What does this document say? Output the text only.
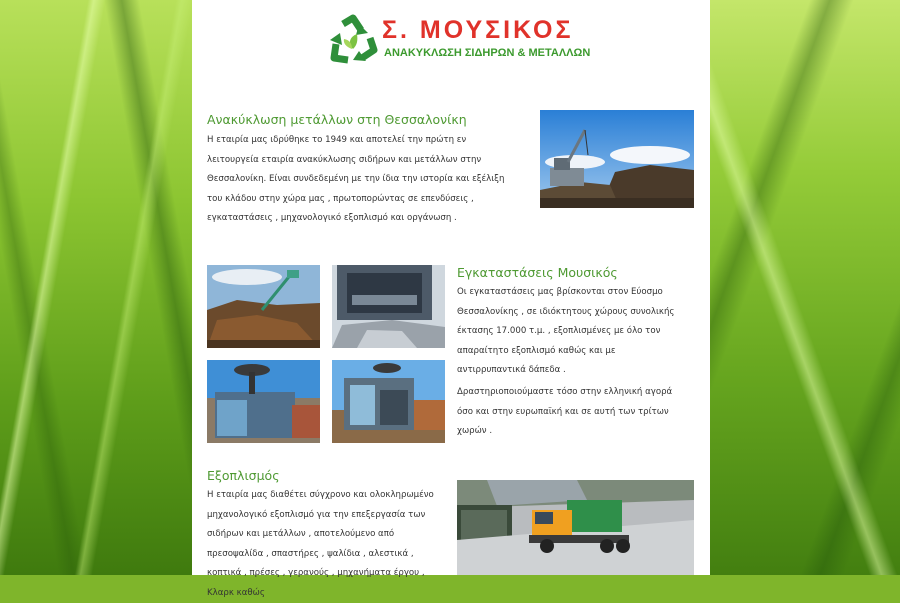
Σ. ΜΟΥΣΙΚΟΣ
ΑΝΑΚΥΚΛΩΣΗ ΣΙΔΗΡΩΝ & ΜΕΤΑΛΛΩΝ
Ανακύκλωση μετάλλων στη Θεσσαλονίκη

Η εταιρία μας ιδρύθηκε το 1949 και αποτελεί την πρώτη εν λειτουργεία εταιρία ανακύκλωσης σιδήρων και μετάλλων στην Θεσσαλονίκη. Είναι συνδεδεμένη με την ίδια την ιστορία και εξέλιξη του κλάδου στην χώρα μας , πρωτοπορώντας σε επενδύσεις , εγκαταστάσεις , μηχανολογικό εξοπλισμό και οργάνωση .

Εγκαταστάσεις Μουσικός

Οι εγκαταστάσεις μας βρίσκονται στον Εύοσμο Θεσσαλονίκης , σε ιδιόκτητους χώρους συνολικής έκτασης 17.000 τ.μ. , εξοπλισμένες με όλο τον απαραίτητο εξοπλισμό καθώς και με αντιρρυπαντικά δάπεδα .

Δραστηριοποιούμαστε τόσο στην ελληνική αγορά όσο και στην ευρωπαϊκή και σε αυτή των τρίτων χωρών .

Εξοπλισμός

Η εταιρία μας διαθέτει σύγχρονο και ολοκληρωμένο μηχανολογικό εξοπλισμό για την επεξεργασία των σιδήρων και μετάλλων , αποτελούμενο από πρεσοψαλίδα , σπαστήρες , ψαλίδια , αλεστικά , κοπτικά , πρέσες , γερανούς , μηχανήματα έργου , Κλαρκ καθώς
